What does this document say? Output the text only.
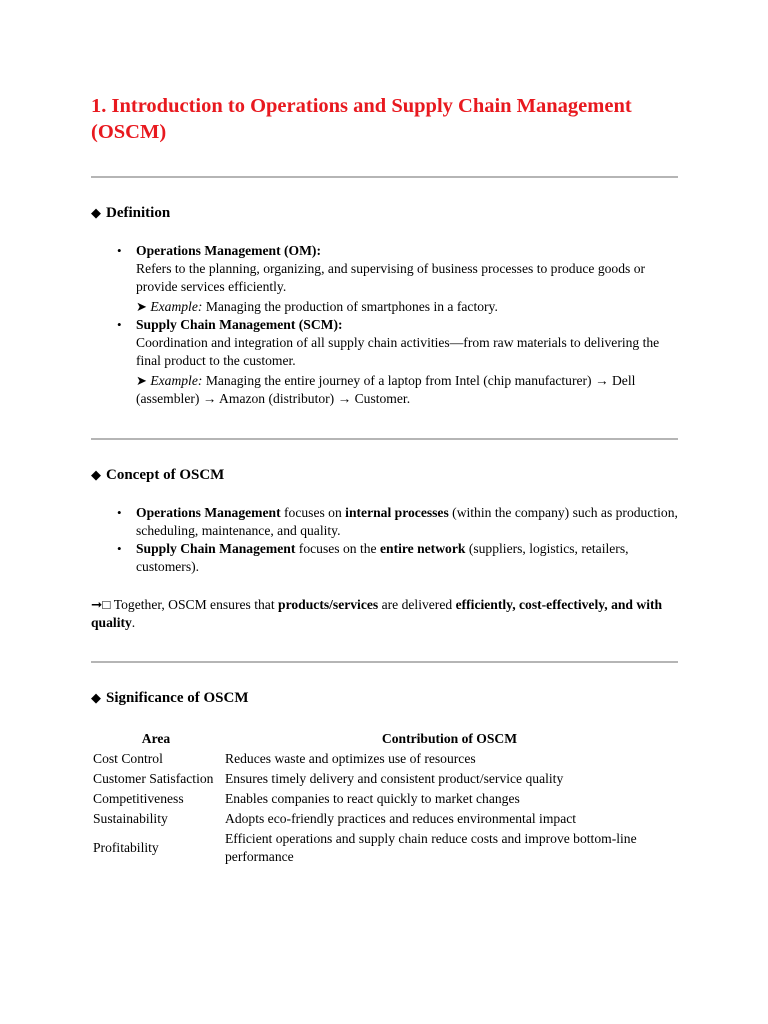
1. Introduction to Operations and Supply Chain Management (OSCM)
◆ Definition
• Operations Management (OM):
Refers to the planning, organizing, and supervising of business processes to produce goods or provide services efficiently.
➤ Example: Managing the production of smartphones in a factory.
• Supply Chain Management (SCM):
Coordination and integration of all supply chain activities—from raw materials to delivering the final product to the customer.
➤ Example: Managing the entire journey of a laptop from Intel (chip manufacturer) → Dell (assembler) → Amazon (distributor) → Customer.
◆ Concept of OSCM
• Operations Management focuses on internal processes (within the company) such as production, scheduling, maintenance, and quality.
• Supply Chain Management focuses on the entire network (suppliers, logistics, retailers, customers).

➞□ Together, OSCM ensures that products/services are delivered efficiently, cost-effectively, and with quality.

◆ Significance of OSCM
Area	Contribution of OSCM
Cost Control	Reduces waste and optimizes use of resources
Customer Satisfaction	Ensures timely delivery and consistent product/service quality
Competitiveness	Enables companies to react quickly to market changes
Sustainability	Adopts eco-friendly practices and reduces environmental impact
Profitability	Efficient operations and supply chain reduce costs and improve bottom-line performance
